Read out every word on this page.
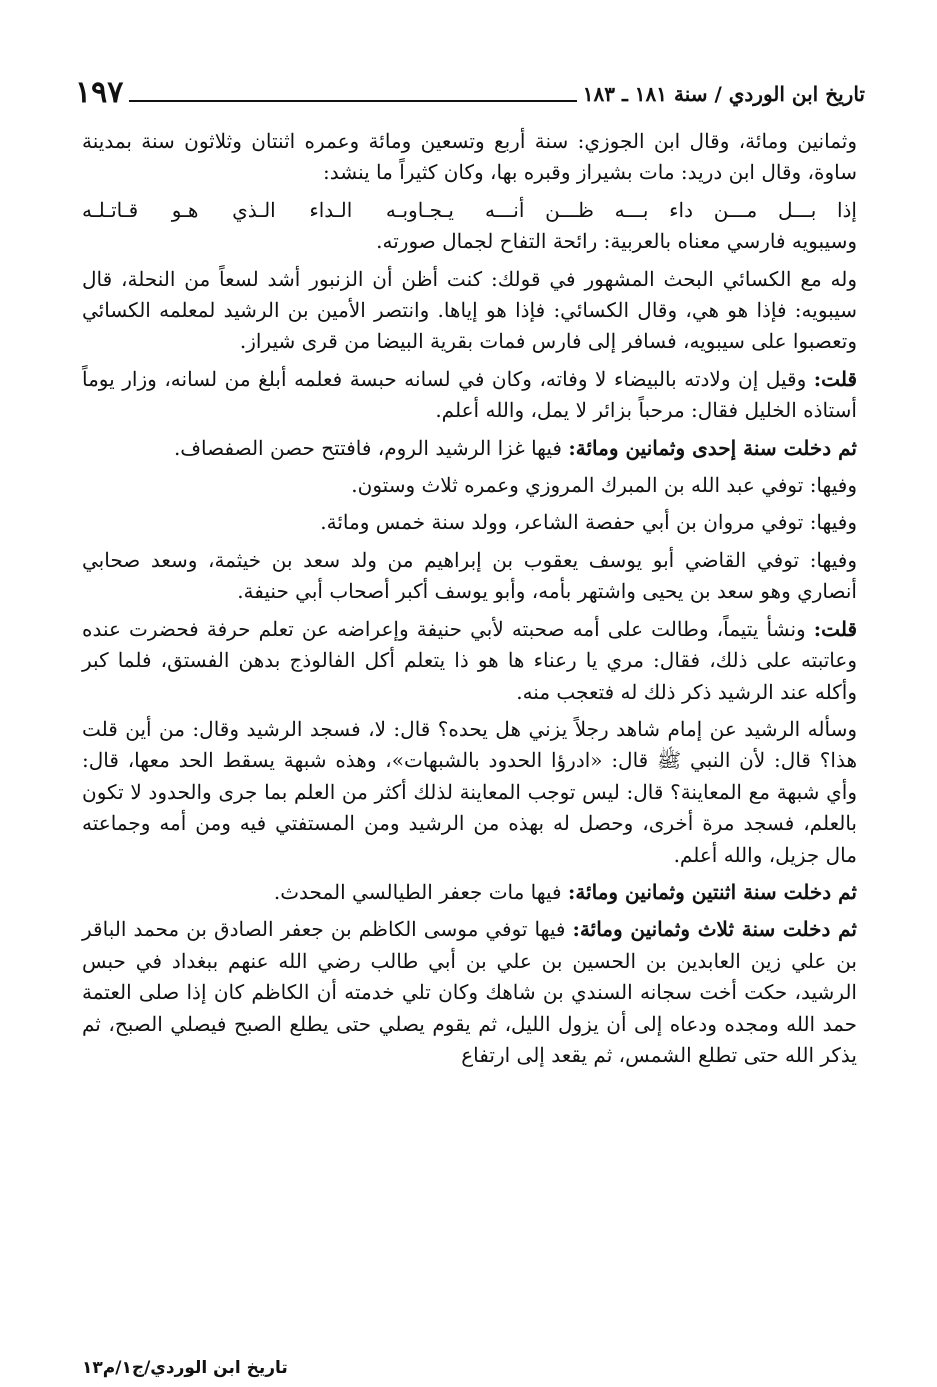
تاريخ ابن الوردي / سنة ١٨١ ـ ١٨٣
١٩٧

وثمانين ومائة، وقال ابن الجوزي: سنة أربع وتسعين ومائة وعمره اثنتان وثلاثون سنة بمدينة ساوة، وقال ابن دريد: مات بشيراز وقبره بها، وكان كثيراً ما ينشد:

إذا بـــل مـــن داء بـــه ظـــن أنـــه
يـجـاوبـه الـداء الـذي هـو قـاتـلـه

وسيبويه فارسي معناه بالعربية: رائحة التفاح لجمال صورته.

وله مع الكسائي البحث المشهور في قولك: كنت أظن أن الزنبور أشد لسعاً من النحلة، قال سيبويه: فإذا هو هي، وقال الكسائي: فإذا هو إياها. وانتصر الأمين بن الرشيد لمعلمه الكسائي وتعصبوا على سيبويه، فسافر إلى فارس فمات بقرية البيضا من قرى شيراز.

قلت: وقيل إن ولادته بالبيضاء لا وفاته، وكان في لسانه حبسة فعلمه أبلغ من لسانه، وزار يوماً أستاذه الخليل فقال: مرحباً بزائر لا يمل، والله أعلم.

ثم دخلت سنة إحدى وثمانين ومائة: فيها غزا الرشيد الروم، فافتتح حصن الصفصاف.

وفيها: توفي عبد الله بن المبرك المروزي وعمره ثلاث وستون.

وفيها: توفي مروان بن أبي حفصة الشاعر، وولد سنة خمس ومائة.

وفيها: توفي القاضي أبو يوسف يعقوب بن إبراهيم من ولد سعد بن خيثمة، وسعد صحابي أنصاري وهو سعد بن يحيى واشتهر بأمه، وأبو يوسف أكبر أصحاب أبي حنيفة.

قلت: ونشأ يتيماً، وطالت على أمه صحبته لأبي حنيفة وإعراضه عن تعلم حرفة فحضرت عنده وعاتبته على ذلك، فقال: مري يا رعناء ها هو ذا يتعلم أكل الفالوذج بدهن الفستق، فلما كبر وأكله عند الرشيد ذكر ذلك له فتعجب منه.

وسأله الرشيد عن إمام شاهد رجلاً يزني هل يحده؟ قال: لا، فسجد الرشيد وقال: من أين قلت هذا؟ قال: لأن النبي ﷺ قال: «ادرؤا الحدود بالشبهات»، وهذه شبهة يسقط الحد معها، قال: وأي شبهة مع المعاينة؟ قال: ليس توجب المعاينة لذلك أكثر من العلم بما جرى والحدود لا تكون بالعلم، فسجد مرة أخرى، وحصل له بهذه من الرشيد ومن المستفتي فيه ومن أمه وجماعته مال جزيل، والله أعلم.

ثم دخلت سنة اثنتين وثمانين ومائة: فيها مات جعفر الطيالسي المحدث.

ثم دخلت سنة ثلاث وثمانين ومائة: فيها توفي موسى الكاظم بن جعفر الصادق بن محمد الباقر بن علي زين العابدين بن الحسين بن علي بن أبي طالب رضي الله عنهم ببغداد في حبس الرشيد، حكت أخت سجانه السندي بن شاهك وكان تلي خدمته أن الكاظم كان إذا صلى العتمة حمد الله ومجده ودعاه إلى أن يزول الليل، ثم يقوم يصلي حتى يطلع الصبح فيصلي الصبح، ثم يذكر الله حتى تطلع الشمس، ثم يقعد إلى ارتفاع

تاريخ ابن الوردي/ج١/م١٣
